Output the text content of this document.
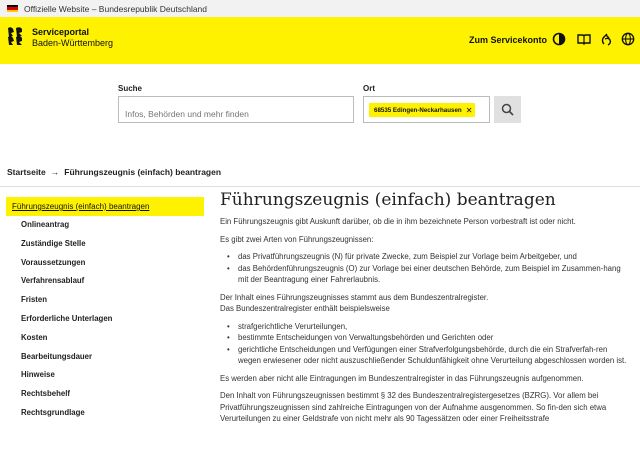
Offizielle Website – Bundesrepublik Deutschland
Serviceportal
Baden-Württemberg	Zum Servicekonto
Suche
Infos, Behörden und mehr finden	Ort
68535 Edingen-Neckarhausen ✕
Startseite → Führungszeugnis (einfach) beantragen
Führungszeugnis (einfach) beantragen
Onlineantrag
Zuständige Stelle
Voraussetzungen
Verfahrensablauf
Fristen
Erforderliche Unterlagen
Kosten
Bearbeitungsdauer
Hinweise
Rechtsbehelf
Rechtsgrundlage
Führungszeugnis (einfach) beantragen

Ein Führungszeugnis gibt Auskunft darüber, ob die in ihm bezeichnete Person vorbestraft ist oder nicht.

Es gibt zwei Arten von Führungszeugnissen:

• das Privatführungszeugnis (N) für private Zwecke, zum Beispiel zur Vorlage beim Arbeitgeber, und
• das Behördenführungszeugnis (O) zur Vorlage bei einer deutschen Behörde, zum Beispiel im Zusammen-hang mit der Beantragung einer Fahrerlaubnis.

Der Inhalt eines Führungszeugnisses stammt aus dem Bundeszentralregister.

Das Bundeszentralregister enthält beispielsweise

• strafgerichtliche Verurteilungen,
• bestimmte Entscheidungen von Verwaltungsbehörden und Gerichten oder
• gerichtliche Entscheidungen und Verfügungen einer Strafverfolgungsbehörde, durch die ein Strafverfah-ren wegen erwiesener oder nicht auszuschließender Schuldunfähigkeit ohne Verurteilung abgeschlossen worden ist.

Es werden aber nicht alle Eintragungen im Bundeszentralregister in das Führungszeugnis aufgenommen.

Den Inhalt von Führungszeugnissen bestimmt § 32 des Bundeszentralregistergesetzes (BZRG). Vor allem bei Privatführungszeugnissen sind zahlreiche Eintragungen von der Aufnahme ausgenommen. So fin-den sich etwa Verurteilungen zu einer Geldstrafe von nicht mehr als 90 Tagessätzen oder einer Freiheitsstrafe
